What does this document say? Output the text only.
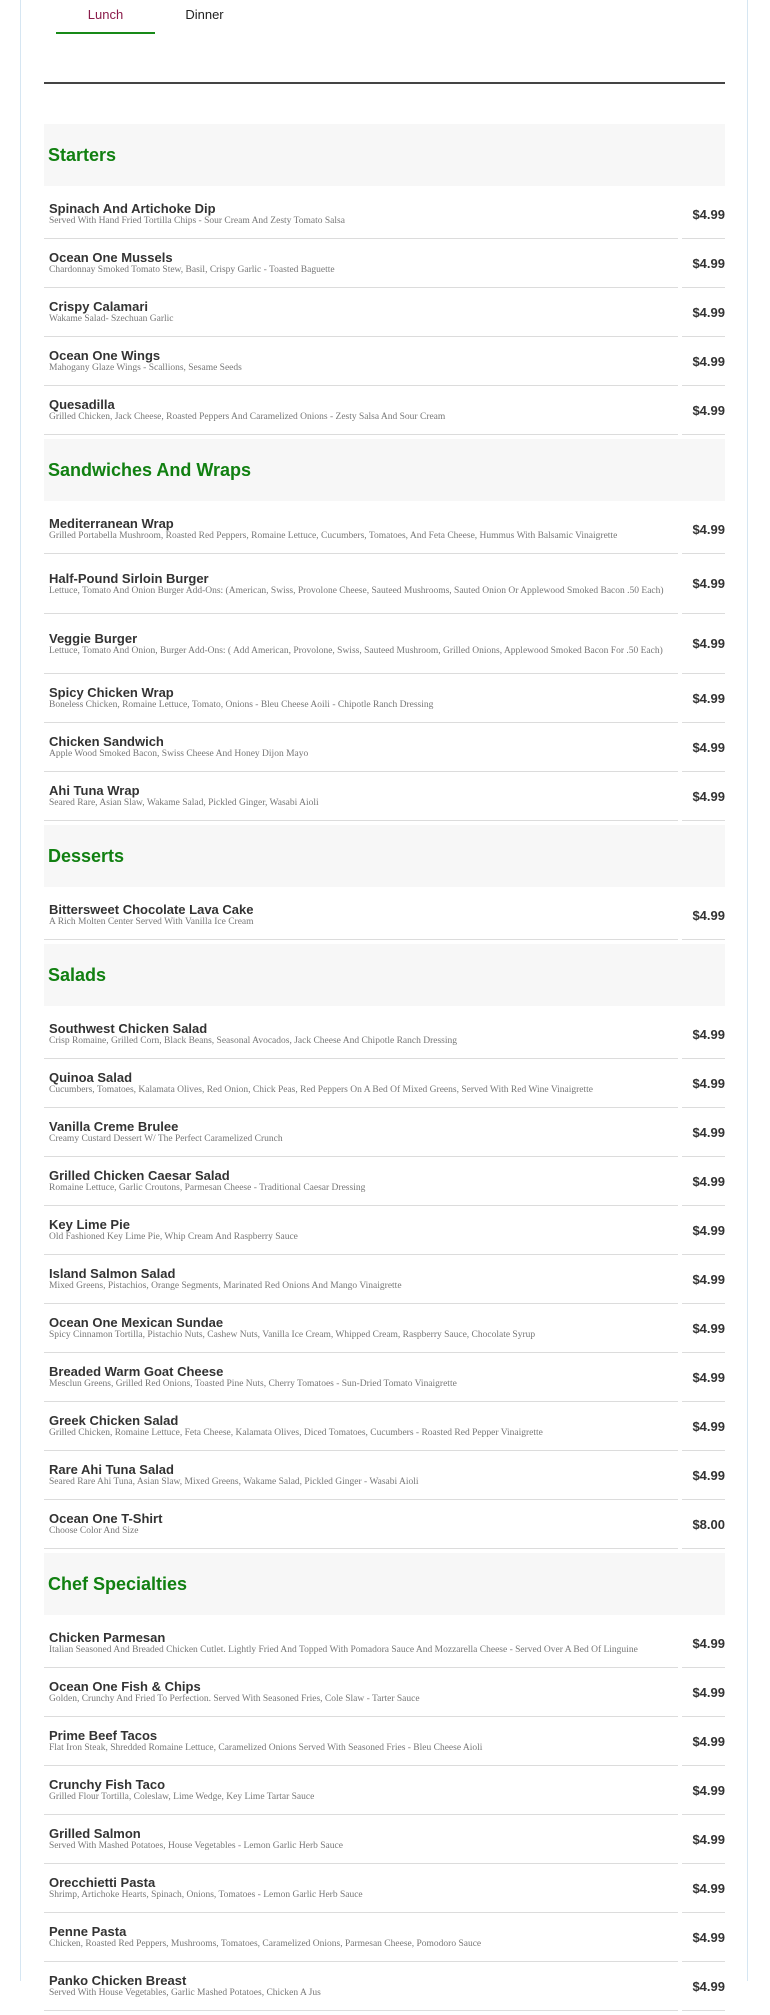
Lunch	Dinner
Starters
Spinach And Artichoke Dip
Served With Hand Fried Tortilla Chips - Sour Cream And Zesty Tomato Salsa	$4.99
Ocean One Mussels
Chardonnay Smoked Tomato Stew, Basil, Crispy Garlic - Toasted Baguette	$4.99
Crispy Calamari
Wakame Salad- Szechuan Garlic	$4.99
Ocean One Wings
Mahogany Glaze Wings - Scallions, Sesame Seeds	$4.99
Quesadilla
Grilled Chicken, Jack Cheese, Roasted Peppers And Caramelized Onions - Zesty Salsa And Sour Cream	$4.99
Sandwiches And Wraps
Mediterranean Wrap
Grilled Portabella Mushroom, Roasted Red Peppers, Romaine Lettuce, Cucumbers, Tomatoes, And Feta Cheese, Hummus With Balsamic Vinaigrette	$4.99
Half-Pound Sirloin Burger
Lettuce, Tomato And Onion Burger Add-Ons: (American, Swiss, Provolone Cheese, Sauteed Mushrooms, Sauted Onion Or Applewood Smoked Bacon .50 Each)	$4.99
Veggie Burger
Lettuce, Tomato And Onion, Burger Add-Ons: ( Add American, Provolone, Swiss, Sauteed Mushroom, Grilled Onions, Applewood Smoked Bacon For .50 Each)	$4.99
Spicy Chicken Wrap
Boneless Chicken, Romaine Lettuce, Tomato, Onions - Bleu Cheese Aoili - Chipotle Ranch Dressing	$4.99
Chicken Sandwich
Apple Wood Smoked Bacon, Swiss Cheese And Honey Dijon Mayo	$4.99
Ahi Tuna Wrap
Seared Rare, Asian Slaw, Wakame Salad, Pickled Ginger, Wasabi Aioli	$4.99
Desserts
Bittersweet Chocolate Lava Cake
A Rich Molten Center Served With Vanilla Ice Cream	$4.99
Salads
Southwest Chicken Salad
Crisp Romaine, Grilled Corn, Black Beans, Seasonal Avocados, Jack Cheese And Chipotle Ranch Dressing	$4.99
Quinoa Salad
Cucumbers, Tomatoes, Kalamata Olives, Red Onion, Chick Peas, Red Peppers On A Bed Of Mixed Greens, Served With Red Wine Vinaigrette	$4.99
Vanilla Creme Brulee
Creamy Custard Dessert W/ The Perfect Caramelized Crunch	$4.99
Grilled Chicken Caesar Salad
Romaine Lettuce, Garlic Croutons, Parmesan Cheese - Traditional Caesar Dressing	$4.99
Key Lime Pie
Old Fashioned Key Lime Pie, Whip Cream And Raspberry Sauce	$4.99
Island Salmon Salad
Mixed Greens, Pistachios, Orange Segments, Marinated Red Onions And Mango Vinaigrette	$4.99
Ocean One Mexican Sundae
Spicy Cinnamon Tortilla, Pistachio Nuts, Cashew Nuts, Vanilla Ice Cream, Whipped Cream, Raspberry Sauce, Chocolate Syrup	$4.99
Breaded Warm Goat Cheese
Mesclun Greens, Grilled Red Onions, Toasted Pine Nuts, Cherry Tomatoes - Sun-Dried Tomato Vinaigrette	$4.99
Greek Chicken Salad
Grilled Chicken, Romaine Lettuce, Feta Cheese, Kalamata Olives, Diced Tomatoes, Cucumbers - Roasted Red Pepper Vinaigrette	$4.99
Rare Ahi Tuna Salad
Seared Rare Ahi Tuna, Asian Slaw, Mixed Greens, Wakame Salad, Pickled Ginger - Wasabi Aioli	$4.99
Ocean One T-Shirt
Choose Color And Size	$8.00
Chef Specialties
Chicken Parmesan
Italian Seasoned And Breaded Chicken Cutlet. Lightly Fried And Topped With Pomadora Sauce And Mozzarella Cheese - Served Over A Bed Of Linguine	$4.99
Ocean One Fish & Chips
Golden, Crunchy And Fried To Perfection. Served With Seasoned Fries, Cole Slaw - Tarter Sauce	$4.99
Prime Beef Tacos
Flat Iron Steak, Shredded Romaine Lettuce, Caramelized Onions Served With Seasoned Fries - Bleu Cheese Aioli	$4.99
Crunchy Fish Taco
Grilled Flour Tortilla, Coleslaw, Lime Wedge, Key Lime Tartar Sauce	$4.99
Grilled Salmon
Served With Mashed Potatoes, House Vegetables - Lemon Garlic Herb Sauce	$4.99
Orecchietti Pasta
Shrimp, Artichoke Hearts, Spinach, Onions, Tomatoes - Lemon Garlic Herb Sauce	$4.99
Penne Pasta
Chicken, Roasted Red Peppers, Mushrooms, Tomatoes, Caramelized Onions, Parmesan Cheese, Pomodoro Sauce	$4.99
Panko Chicken Breast
Served With House Vegetables, Garlic Mashed Potatoes, Chicken A Jus	$4.99
